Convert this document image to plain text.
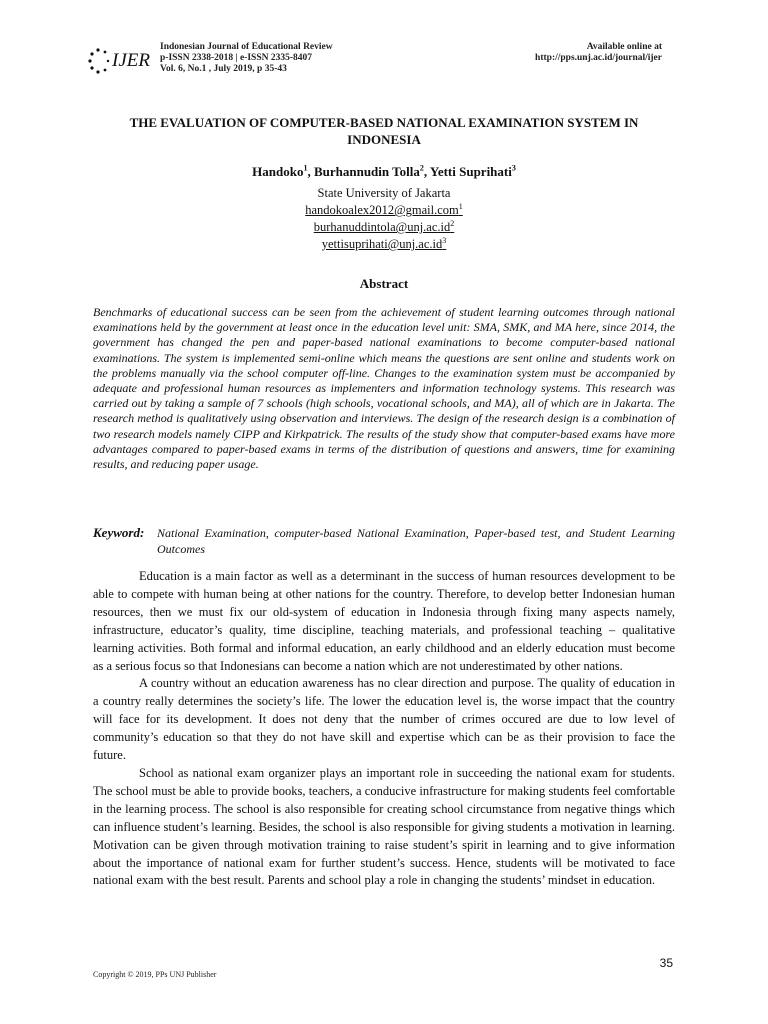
IJER
Indonesian Journal of Educational Review
p-ISSN 2338-2018 | e-ISSN 2335-8407
Vol. 6, No.1 , July 2019, p 35-43
Available online at
http://pps.unj.ac.id/journal/ijer
THE EVALUATION OF COMPUTER-BASED NATIONAL EXAMINATION SYSTEM IN
INDONESIA
Handoko$^1$, Burhannudin Tolla$^2$, Yetti Suprihati$^3$
State University of Jakarta
handokoalex2012@gmail.com$^1$
$burhanuddintola@unj.ac.id^2$
$yettisuprihati@unj.ac.id^3$
Abstract
Benchmarks of educational success can be seen from the achievement of student learning outcomes through national examinations held by the government at least once in the education level unit: SMA, SMK, and MA here, since 2014, the government has changed the pen and paper-based national examinations to become computer-based national examinations. The system is implemented semi-online which means the questions are sent online and students work on the problems manually via the school computer off-line. Changes to the examination system must be accompanied by adequate and professional human resources as implementers and information technology systems. This research was carried out by taking a sample of 7 schools (high schools, vocational schools, and MA), all of which are in Jakarta. The research method is qualitatively using observation and interviews. The design of the research design is a combination of two research models namely CIPP and Kirkpatrick. The results of the study show that computer-based exams have more advantages compared to paper-based exams in terms of the distribution of questions and answers, time for examining results, and reducing paper usage.
Keyword: National Examination, computer-based National Examination, Paper-based test, and Student Learning Outcomes

Education is a main factor as well as a determinant in the success of human resources development to be able to compete with human being at other nations for the country. Therefore, to develop better Indonesian human resources, then we must fix our old-system of education in Indonesia through fixing many aspects namely, infrastructure, educator’s quality, time discipline, teaching materials, and professional teaching – qualitative learning activities. Both formal and informal education, an early childhood and an elderly education must become as a serious focus so that Indonesians can become a nation which are not underestimated by other nations.

A country without an education awareness has no clear direction and purpose. The quality of education in a country really determines the society’s life. The lower the education level is, the worse impact that the country will face for its development. It does not deny that the number of crimes occured are due to low level of community’s education so that they do not have skill and expertise which can be as their provision to face the future.

School as national exam organizer plays an important role in succeeding the national exam for students. The school must be able to provide books, teachers, a conducive infrastructure for making students feel comfortable in the learning process. The school is also responsible for creating school circumstance from negative things which can influence student’s learning. Besides, the school is also responsible for giving students a motivation in learning. Motivation can be given through motivation training to raise student’s spirit in learning and to give information about the importance of national exam for further student’s success. Hence, students will be motivated to face national exam with the best result. Parents and school play a role in changing the students’ mindset in education.

35
Copyright © 2019, PPs UNJ Publisher
